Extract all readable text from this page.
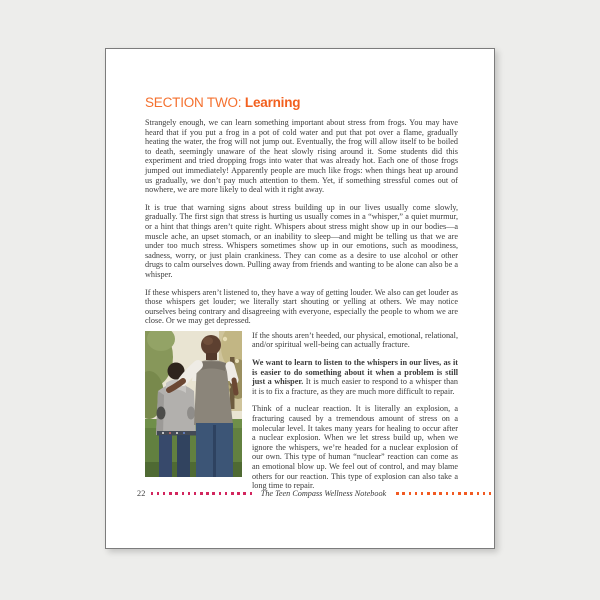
SECTION TWO: Learning

Strangely enough, we can learn something important about stress from frogs. You may have heard that if you put a frog in a pot of cold water and put that pot over a flame, gradually heating the water, the frog will not jump out. Eventually, the frog will allow itself to be boiled to death, seemingly unaware of the heat slowly rising around it. Some students did this experiment and tried dropping frogs into water that was already hot. Each one of those frogs jumped out immediately! Apparently people are much like frogs: when things heat up around us gradually, we don’t pay much attention to them. Yet, if something stressful comes out of nowhere, we are more likely to deal with it right away.

It is true that warning signs about stress building up in our lives usually come slowly, gradually. The first sign that stress is hurting us usually comes in a “whisper,” a quiet murmur, or a hint that things aren’t quite right. Whispers about stress might show up in our bodies—a muscle ache, an upset stomach, or an inability to sleep—and might be telling us that we are under too much stress. Whispers sometimes show up in our emotions, such as moodiness, sadness, worry, or just plain crankiness. They can come as a desire to use alcohol or other drugs to calm ourselves down. Pulling away from friends and wanting to be alone can also be a whisper.

If these whispers aren’t listened to, they have a way of getting louder. We also can get louder as those whispers get louder; we literally start shouting or yelling at others. We may notice ourselves being contrary and disagreeing with everyone, especially the people to whom we are close. Or we may get depressed.

If the shouts aren’t heeded, our physical, emotional, relational, and/or spiritual well-being can actually fracture.

We want to learn to listen to the whispers in our lives, as it is easier to do something about it when a problem is still just a whisper. It is much easier to respond to a whisper than it is to fix a fracture, as they are much more difficult to repair.

Think of a nuclear reaction. It is literally an explosion, a fracturing caused by a tremendous amount of stress on a molecular level. It takes many years for healing to occur after a nuclear explosion. When we let stress build up, when we ignore the whispers, we’re headed for a nuclear explosion of our own. This type of human “nuclear” reaction can come as an emotional blow up. We feel out of control, and may blame others for our reaction. This type of explosion can also take a long time to repair.

22	The Teen Compass Wellness Notebook
